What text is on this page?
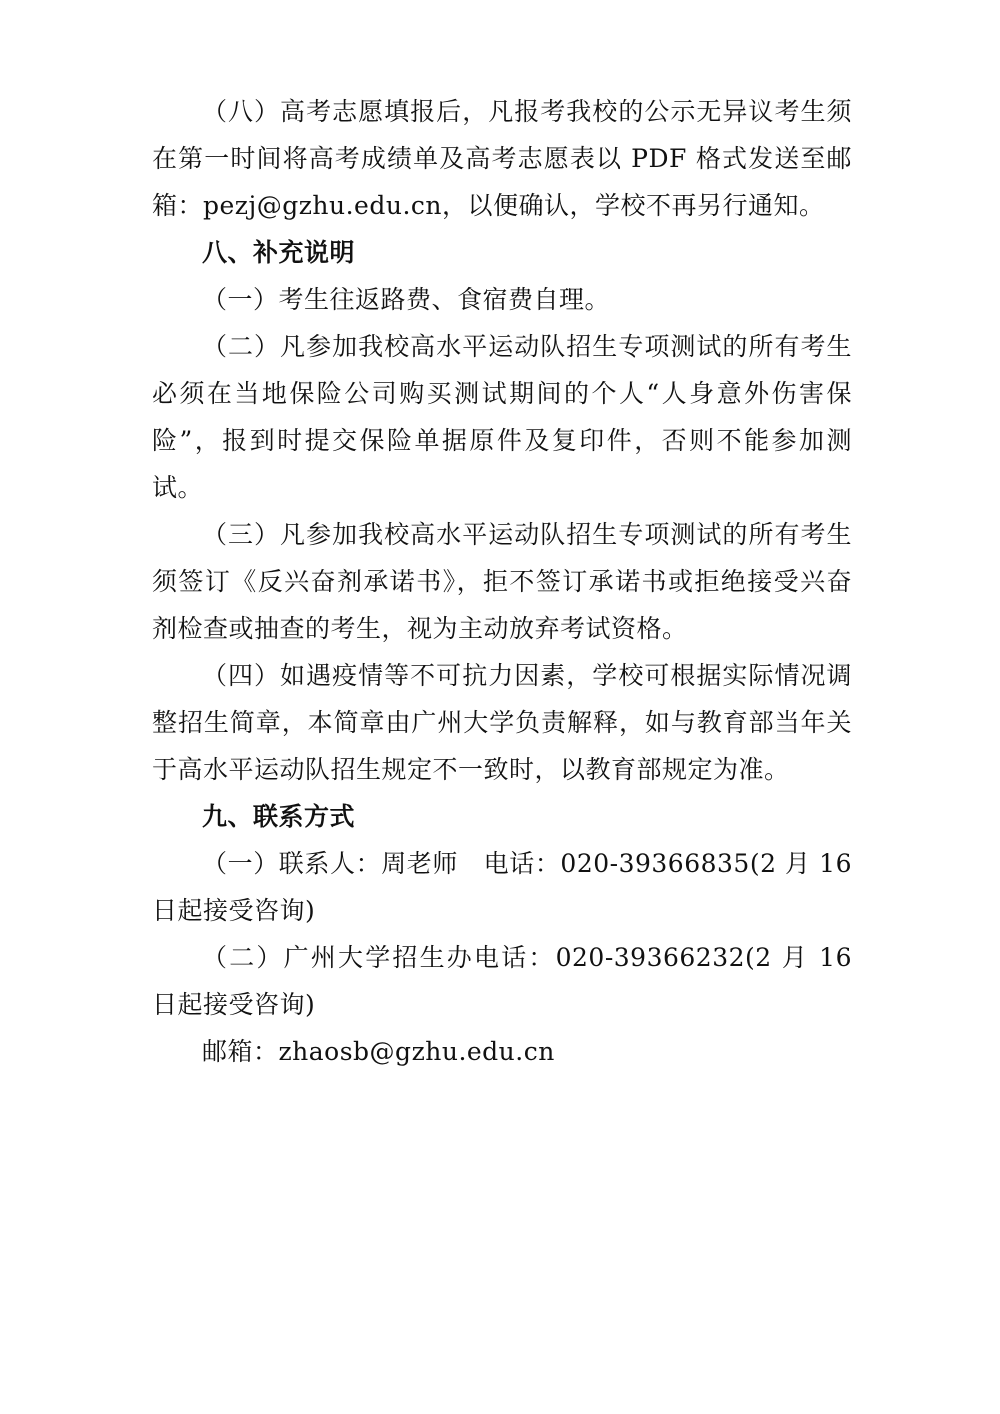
（八）高考志愿填报后，凡报考我校的公示无异议考生须在第一时间将高考成绩单及高考志愿表以 PDF 格式发送至邮箱：pezj@gzhu.edu.cn，以便确认，学校不再另行通知。

八、补充说明

（一）考生往返路费、食宿费自理。

（二）凡参加我校高水平运动队招生专项测试的所有考生必须在当地保险公司购买测试期间的个人“人身意外伤害保险”，报到时提交保险单据原件及复印件，否则不能参加测试。

（三）凡参加我校高水平运动队招生专项测试的所有考生须签订《反兴奋剂承诺书》，拒不签订承诺书或拒绝接受兴奋剂检查或抽查的考生，视为主动放弃考试资格。

（四）如遇疫情等不可抗力因素，学校可根据实际情况调整招生简章，本简章由广州大学负责解释，如与教育部当年关于高水平运动队招生规定不一致时，以教育部规定为准。

九、联系方式

（一）联系人：周老师　电话：020-39366835(2 月 16 日起接受咨询)

（二）广州大学招生办电话：020-39366232(2 月 16 日起接受咨询)

邮箱：zhaosb@gzhu.edu.cn
